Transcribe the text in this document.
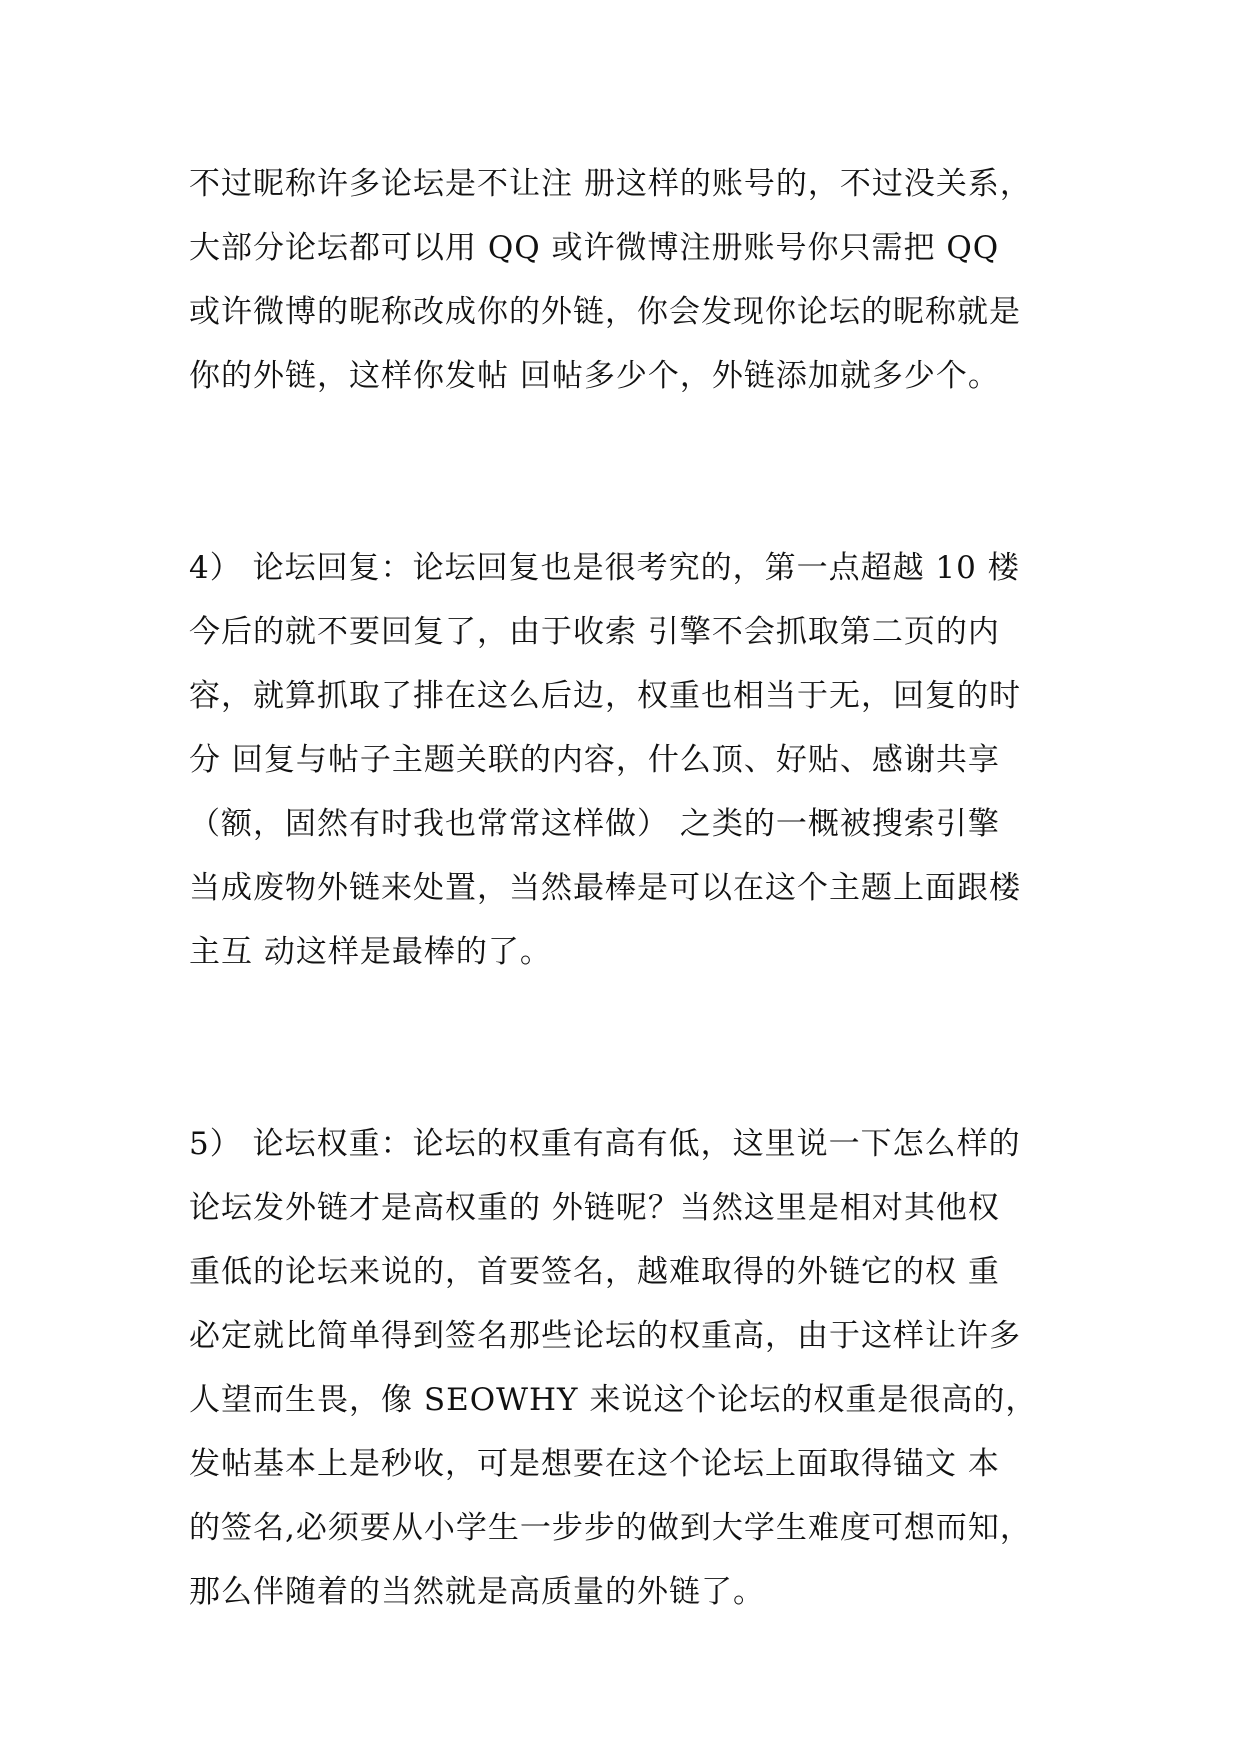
不过昵称许多论坛是不让注 册这样的账号的，不过没关系，
大部分论坛都可以用 QQ 或许微博注册账号你只需把 QQ
或许微博的昵称改成你的外链，你会发现你论坛的昵称就是
你的外链，这样你发帖 回帖多少个，外链添加就多少个。
4） 论坛回复：论坛回复也是很考究的，第一点超越 10 楼
今后的就不要回复了，由于收索 引擎不会抓取第二页的内
容，就算抓取了排在这么后边，权重也相当于无，回复的时
分 回复与帖子主题关联的内容，什么顶、好贴、感谢共享
（额，固然有时我也常常这样做） 之类的一概被搜索引擎
当成废物外链来处置，当然最棒是可以在这个主题上面跟楼
主互 动这样是最棒的了。
5） 论坛权重：论坛的权重有高有低，这里说一下怎么样的
论坛发外链才是高权重的 外链呢？当然这里是相对其他权
重低的论坛来说的，首要签名，越难取得的外链它的权 重
必定就比简单得到签名那些论坛的权重高，由于这样让许多
人望而生畏，像 SEOWHY 来说这个论坛的权重是很高的，
发帖基本上是秒收，可是想要在这个论坛上面取得锚文 本
的签名,必须要从小学生一步步的做到大学生难度可想而知，
那么伴随着的当然就是高质量的外链了。
